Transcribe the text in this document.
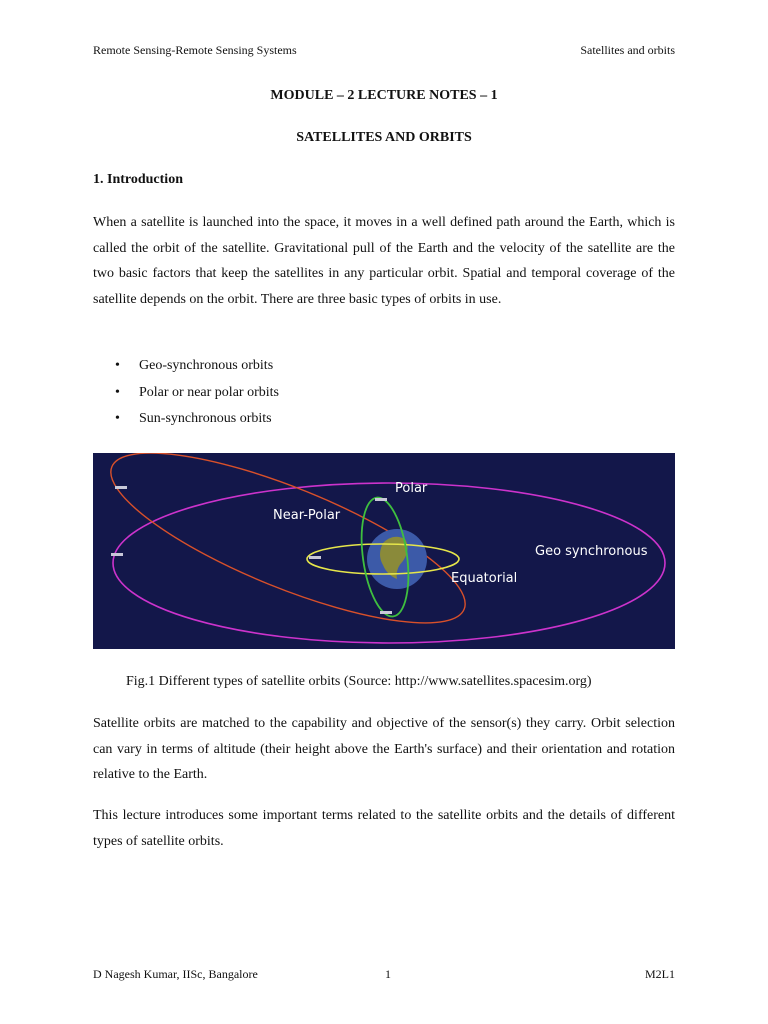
Remote Sensing-Remote Sensing Systems	Satellites and orbits
MODULE – 2 LECTURE NOTES – 1
SATELLITES AND ORBITS
1. Introduction

When a satellite is launched into the space, it moves in a well defined path around the Earth, which is called the orbit of the satellite. Gravitational pull of the Earth and the velocity of the satellite are the two basic factors that keep the satellites in any particular orbit. Spatial and temporal coverage of the satellite depends on the orbit. There are three basic types of orbits in use.

• Geo-synchronous orbits
• Polar or near polar orbits
• Sun-synchronous orbits
Polar
Near-Polar
Geo synchronous
Equatorial
Fig.1 Different types of satellite orbits (Source: http://www.satellites.spacesim.org)

Satellite orbits are matched to the capability and objective of the sensor(s) they carry. Orbit selection can vary in terms of altitude (their height above the Earth's surface) and their orientation and rotation relative to the Earth.

This lecture introduces some important terms related to the satellite orbits and the details of different types of satellite orbits.

D Nagesh Kumar, IISc, Bangalore	1	M2L1
